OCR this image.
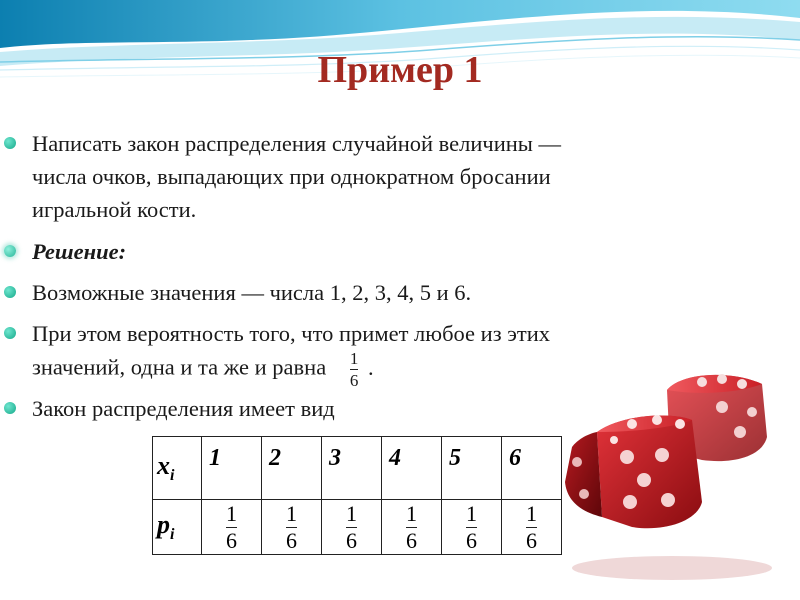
Пример 1
Написать закон распределения случайной величины —
числа очков, выпадающих при однократном бросании
игральной кости.
Решение:
Возможные значения — числа 1, 2, 3, 4, 5 и 6.
При этом вероятность того, что примет любое из этих
значений, одна и та же и равна $\frac{1}{6}$ .
Закон распределения имеет вид
$x_i$	1	2	3	4	5	6
$p_i$	$\frac{1}{6}$	$\frac{1}{6}$	$\frac{1}{6}$	$\frac{1}{6}$	$\frac{1}{6}$	$\frac{1}{6}$
